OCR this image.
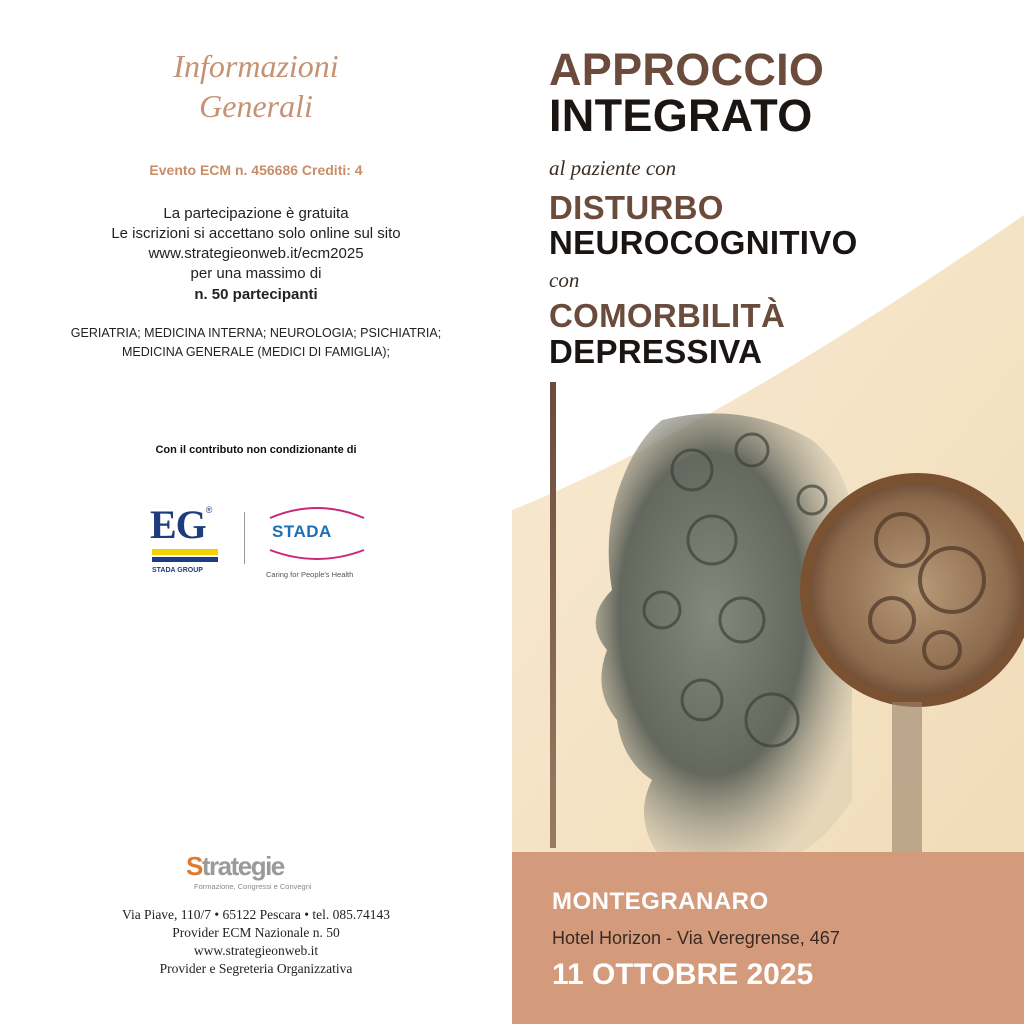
Informazioni
Generali
Evento ECM n. 456686 Crediti: 4
La partecipazione è gratuita
Le iscrizioni si accettano solo online sul sito
www.strategieonweb.it/ecm2025
per una massimo di
n. 50 partecipanti
GERIATRIA; MEDICINA INTERNA; NEUROLOGIA; PSICHIATRIA;
MEDICINA GENERALE (MEDICI DI FAMIGLIA);
Con il contributo non condizionante di
EG®
STADA GROUP
STADA
Caring for People's Health
Strategie
Formazione, Congressi e Convegni
Via Piave, 110/7 • 65122 Pescara • tel. 085.74143
Provider ECM Nazionale n. 50
www.strategieonweb.it
Provider e Segreteria Organizzativa
APPROCCIO
INTEGRATO
al paziente con
DISTURBO
NEUROCOGNITIVO
con
COMORBILITÀ
DEPRESSIVA
MONTEGRANARO
Hotel Horizon - Via Veregrense, 467
11 OTTOBRE 2025
